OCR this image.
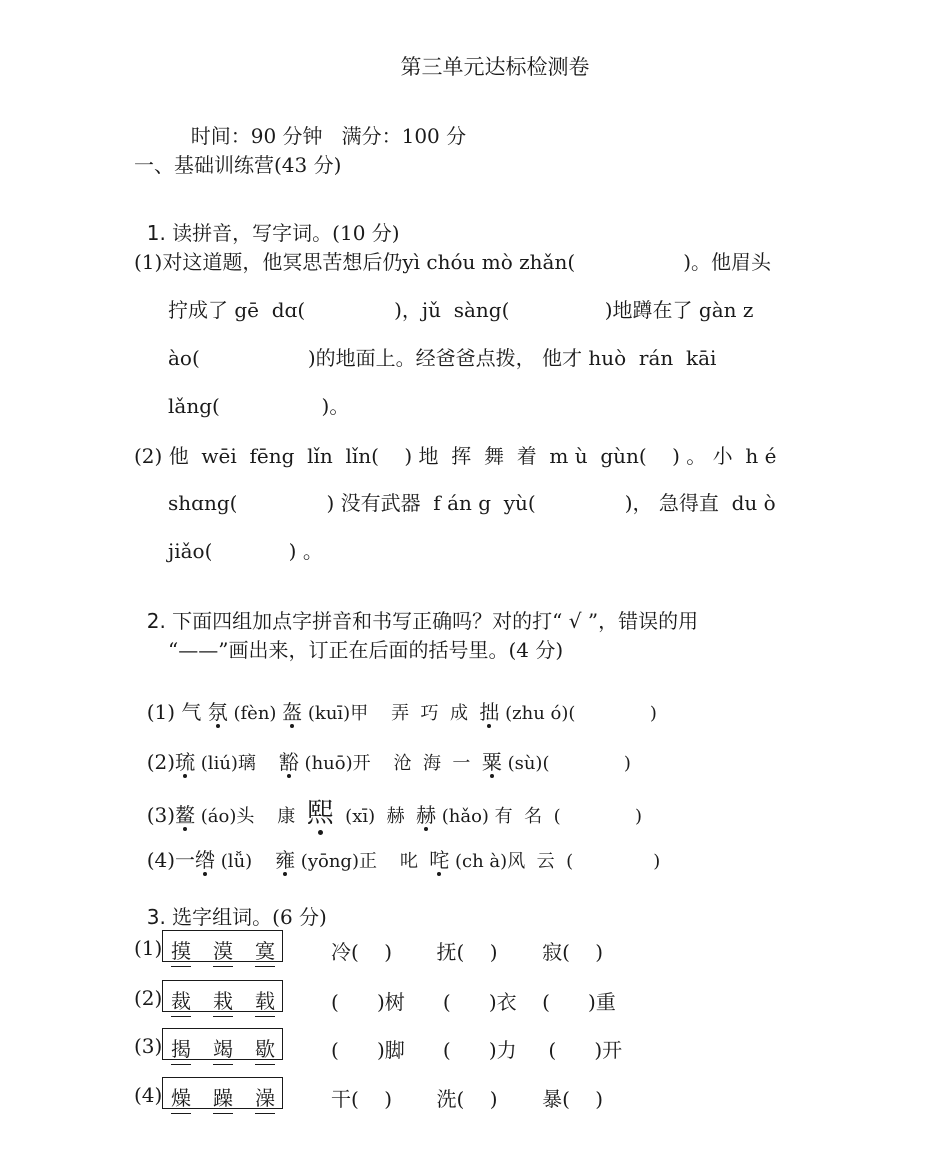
第三单元达标检测卷

时间：90 分钟 满分：100 分

一、基础训练营(43 分)

1. 读拼音，写字词。(10 分)

(1)对这道题，他冥思苦想后仍yì chóu mò zhǎn(                 )。他眉头
拧成了 gē  dɑ(              )，jǔ  sàng(               )地蹲在了 gàn z
ào(                 )的地面上。经爸爸点拨， 他才 huò  rán  kāi
lǎng(                )。
(2) 他  wēi  fēng  lǐn  lǐn(    ) 地  挥  舞  着  m ù  gùn(    ) 。 小  h é
shɑng(              ) 没有武器  f án g  yù(              )， 急得直  du ò
jiǎo(            ) 。

2. 下面四组加点字拼音和书写正确吗？对的打“ √ ”，错误的用

“——”画出来，订正在后面的括号里。(4 分)

(1) 气 氛 (fèn) 盔 (kuī)甲    弄  巧  成  拙 (zhu ó)(             )

(2)琉 (liú)璃    豁 (huō)开    沧  海  一  粟 (sù)(             )

(3)鳌 (áo)头    康  熙  (xī)  赫  赫 (hǎo) 有  名  (             )

(4)一绺 (lǚ)    雍 (yōng)正    叱  咤 (ch à)风  云  (              )

3. 选字组词。(6 分)

(1) 摸 漠 寞	冷(    )       抚(    )       寂(    )
(2) 裁 栽 载	(      )树      (      )衣    (      )重
(3) 揭 竭 歇	(      )脚      (      )力     (      )开
(4) 燥 躁 澡	干(    )       洗(    )       暴(    )
